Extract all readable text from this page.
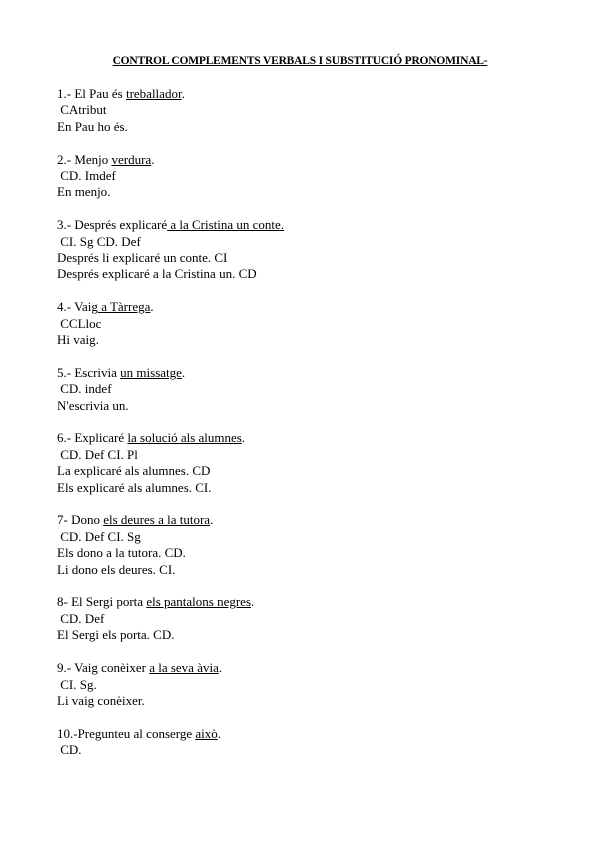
CONTROL COMPLEMENTS VERBALS I SUBSTITUCIÓ PRONOMINAL-
1.- El Pau és treballador.
CAtribut
En Pau ho és.
2.- Menjo verdura.
CD. Imdef
En menjo.
3.- Després explicaré a la Cristina un conte.
CI. Sg CD. Def
Després li explicaré un conte. CI
Després explicaré a la Cristina un. CD
4.- Vaig a Tàrrega.
CCLloc
Hi vaig.
5.- Escrivia un missatge.
CD. indef
N'escrivia un.
6.- Explicaré la solució als alumnes.
CD. Def CI. Pl
La explicaré als alumnes. CD
Els explicaré als alumnes. CI.
7- Dono els deures a la tutora.
CD. Def CI. Sg
Els dono a la tutora. CD.
Li dono els deures. CI.
8- El Sergi porta els pantalons negres.
CD. Def
El Sergi els porta. CD.
9.- Vaig conèixer a la seva àvia.
CI. Sg.
Li vaig conèixer.
10.-Pregunteu al conserge això.
CD.
